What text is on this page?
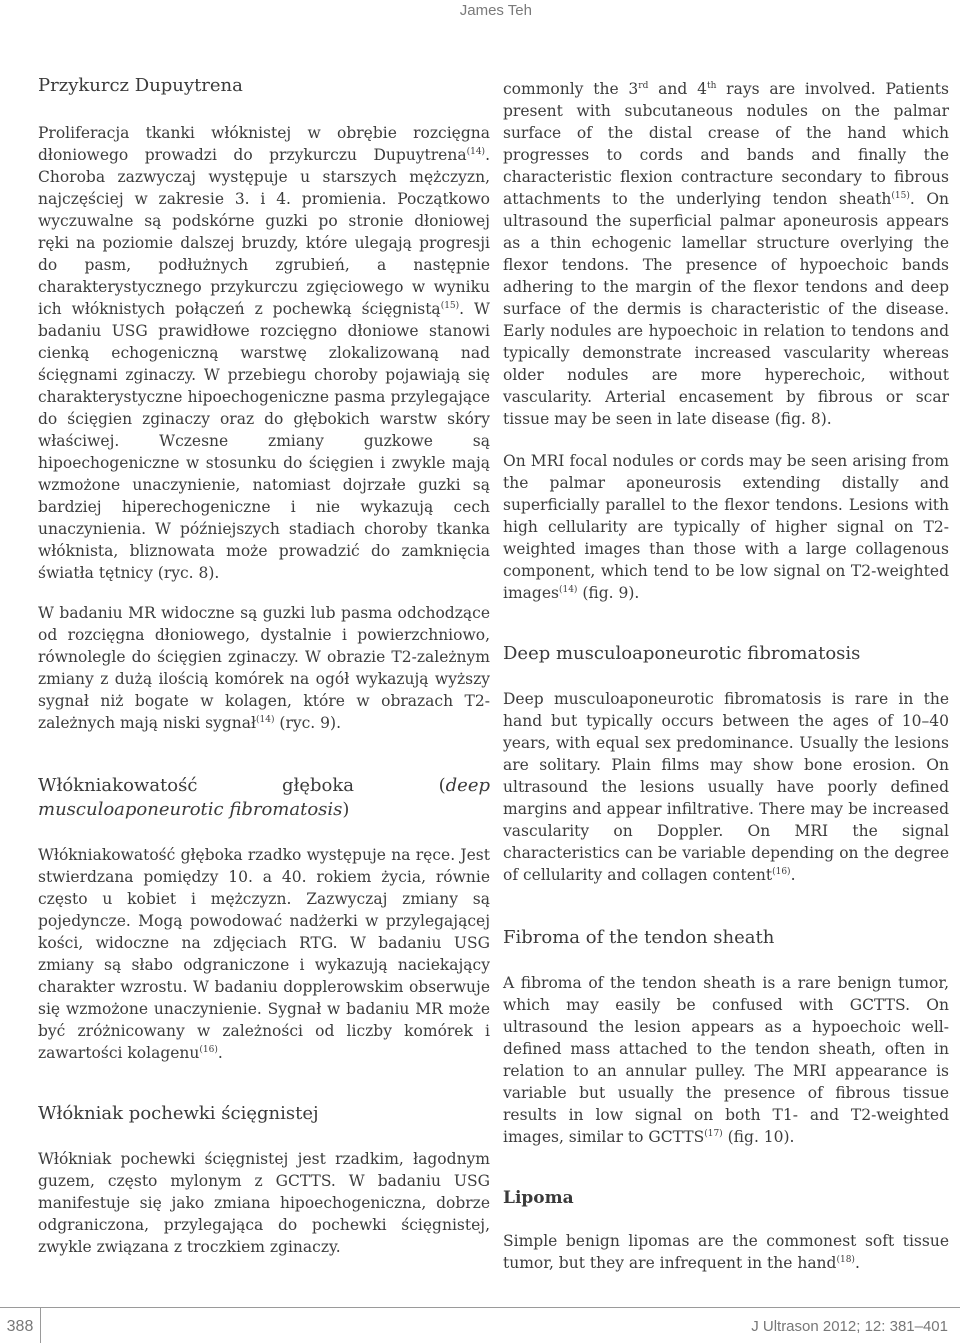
James Teh
Przykurcz Dupuytrena

Proliferacja tkanki włóknistej w obrębie rozcięgna dłoniowego prowadzi do przykurczu Dupuytrena$^{(14)}$. Choroba zazwyczaj występuje u starszych mężczyzn, najczęściej w zakresie 3. i 4. promienia. Początkowo wyczuwalne są podskórne guzki po stronie dłoniowej ręki na poziomie dalszej bruzdy, które ulegają progresji do pasm, podłużnych zgrubień, a następnie charakterystycznego przykurczu zgięciowego w wyniku ich włóknistych połączeń z pochewką ścięgnistą$^{(15)}$. W badaniu USG prawidłowe rozcięgno dłoniowe stanowi cienką echogeniczną warstwę zlokalizowaną nad ścięgnami zginaczy. W przebiegu choroby pojawiają się charakterystyczne hipoechogeniczne pasma przylegające do ścięgien zginaczy oraz do głębokich warstw skóry właściwej. Wczesne zmiany guzkowe są hipoechogeniczne w stosunku do ścięgien i zwykle mają wzmożone unaczynienie, natomiast dojrzałe guzki są bardziej hiperechogeniczne i nie wykazują cech unaczynienia. W późniejszych stadiach choroby tkanka włóknista, bliznowata może prowadzić do zamknięcia światła tętnicy (ryc. 8).

W badaniu MR widoczne są guzki lub pasma odchodzące od rozcięgna dłoniowego, dystalnie i powierzchniowo, równolegle do ścięgien zginaczy. W obrazie T2-zależnym zmiany z dużą ilością komórek na ogół wykazują wyższy sygnał niż bogate w kolagen, które w obrazach T2-zależnych mają niski sygnał$^{(14)}$ (ryc. 9).

Włókniakowatość głęboka (deep musculoaponeurotic fibromatosis)

Włókniakowatość głęboka rzadko występuje na ręce. Jest stwierdzana pomiędzy 10. a 40. rokiem życia, równie często u kobiet i mężczyzn. Zazwyczaj zmiany są pojedyncze. Mogą powodować nadżerki w przylegającej kości, widoczne na zdjęciach RTG. W badaniu USG zmiany są słabo odgraniczone i wykazują naciekający charakter wzrostu. W badaniu dopplerowskim obserwuje się wzmożone unaczynienie. Sygnał w badaniu MR może być zróżnicowany w zależności od liczby komórek i zawartości kolagenu$^{(16)}$.

Włókniak pochewki ścięgnistej

Włókniak pochewki ścięgnistej jest rzadkim, łagodnym guzem, często mylonym z GCTTS. W badaniu USG manifestuje się jako zmiana hipoechogeniczna, dobrze odgraniczona, przylegająca do pochewki ścięgnistej, zwykle związana z troczkiem zginaczy.

commonly the 3rd and 4th rays are involved. Patients present with subcutaneous nodules on the palmar surface of the distal crease of the hand which progresses to cords and bands and finally the characteristic flexion contracture secondary to fibrous attachments to the underlying tendon sheath$^{(15)}$. On ultrasound the superficial palmar aponeurosis appears as a thin echogenic lamellar structure overlying the flexor tendons. The presence of hypoechoic bands adhering to the margin of the flexor tendons and deep surface of the dermis is characteristic of the disease. Early nodules are hypoechoic in relation to tendons and typically demonstrate increased vascularity whereas older nodules are more hyperechoic, without vascularity. Arterial encasement by fibrous or scar tissue may be seen in late disease (fig. 8).

On MRI focal nodules or cords may be seen arising from the palmar aponeurosis extending distally and superficially parallel to the flexor tendons. Lesions with high cellularity are typically of higher signal on T2-weighted images than those with a large collagenous component, which tend to be low signal on T2-weighted images$^{(14)}$ (fig. 9).

Deep musculoaponeurotic fibromatosis

Deep musculoaponeurotic fibromatosis is rare in the hand but typically occurs between the ages of 10–40 years, with equal sex predominance. Usually the lesions are solitary. Plain films may show bone erosion. On ultrasound the lesions usually have poorly defined margins and appear infiltrative. There may be increased vascularity on Doppler. On MRI the signal characteristics can be variable depending on the degree of cellularity and collagen content$^{(16)}$.

Fibroma of the tendon sheath

A fibroma of the tendon sheath is a rare benign tumor, which may easily be confused with GCTTS. On ultrasound the lesion appears as a hypoechoic well-defined mass attached to the tendon sheath, often in relation to an annular pulley. The MRI appearance is variable but usually the presence of fibrous tissue results in low signal on both T1- and T2-weighted images, similar to GCTTS$^{(17)}$ (fig. 10).

Lipoma

Simple benign lipomas are the commonest soft tissue tumor, but they are infrequent in the hand$^{(18)}$.

388	J Ultrason 2012; 12: 381–401
